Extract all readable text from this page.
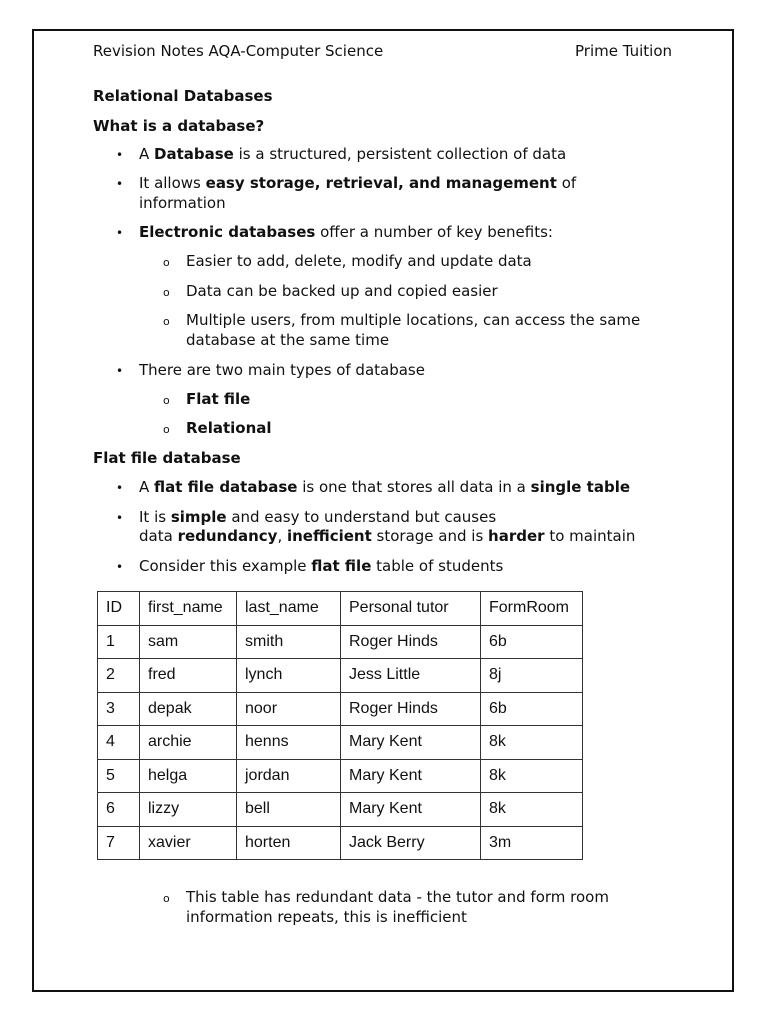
Revision Notes AQA-Computer Science	Prime Tuition
Relational Databases
What is a database?
• A Database is a structured, persistent collection of data
• It allows easy storage, retrieval, and management of
information
• Electronic databases offer a number of key benefits:
o Easier to add, delete, modify and update data
o Data can be backed up and copied easier
o Multiple users, from multiple locations, can access the same
database at the same time
• There are two main types of database
o Flat file
o Relational
Flat file database
• A flat file database is one that stores all data in a single table
• It is simple and easy to understand but causes
data redundancy, inefficient storage and is harder to maintain
• Consider this example flat file table of students
ID	first_name	last_name	Personal tutor	FormRoom
1	sam	smith	Roger Hinds	6b
2	fred	lynch	Jess Little	8j
3	depak	noor	Roger Hinds	6b
4	archie	henns	Mary Kent	8k
5	helga	jordan	Mary Kent	8k
6	lizzy	bell	Mary Kent	8k
7	xavier	horten	Jack Berry	3m
o This table has redundant data - the tutor and form room
information repeats, this is inefficient
